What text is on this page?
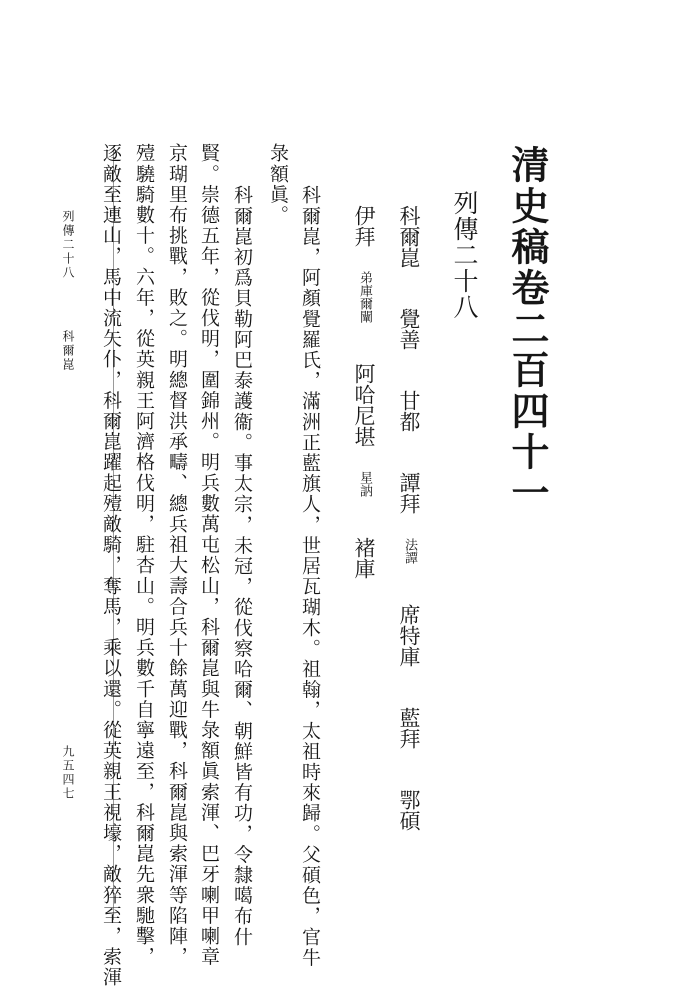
清史稿卷二百四十一
列傳二十八
科爾崑 覺善 甘都 譚拜 法譚 席特庫 藍拜 鄂碩
伊拜 弟庫爾闡 阿哈尼堪 星訥 褚庫
科爾崑，阿顏覺羅氏，滿洲正藍旗人，世居瓦瑚木。祖翰，太祖時來歸。父碩色，官牛
彔額眞。
科爾崑初爲貝勒阿巴泰護衞。事太宗，未冠，從伐察哈爾、朝鮮皆有功，令隸噶布什
賢。崇德五年，從伐明，圍錦州。明兵數萬屯松山，科爾崑與牛彔額眞索渾、巴牙喇甲喇章
京瑚里布挑戰，敗之。明總督洪承疇、總兵祖大壽合兵十餘萬迎戰，科爾崑與索渾等陷陣，
殪驍騎數十。六年，從英親王阿濟格伐明，駐杏山。明兵數千自寧遠至，科爾崑先衆馳擊，
逐敵至連山，馬中流矢仆，科爾崑躍起殪敵騎，奪馬，乘以還。從英親王視壕，敵猝至，索渾
列傳二十八 科爾崑
九五四七
